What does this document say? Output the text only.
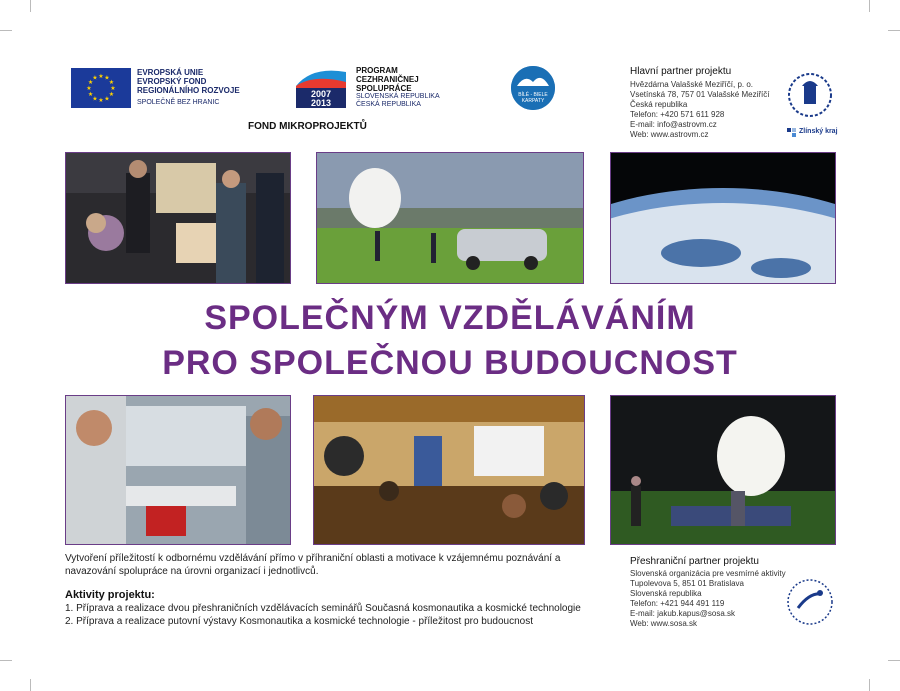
★ ★
★
★
★
★
★
★
★
★
★
★
EVROPSKÁ UNIE
EVROPSKÝ FOND
REGIONÁLNÍHO ROZVOJE
SPOLEČNĚ BEZ HRANIC
2007
2013
PROGRAM
CEZHRANIČNEJ
SPOLUPRÁCE
SLOVENSKÁ REPUBLIKA
ČESKÁ REPUBLIKA
FOND MIKROPROJEKTŮ
BÍLÉ - BIELE
KARPATY
Hlavní partner projektu
Hvězdárna Valašské Meziříčí, p. o.
Vsetínská 78, 757 01 Valašské Meziříčí
Česká republika
Telefon: +420 571 611 928
E-mail: info@astrovm.cz
Web: www.astrovm.cz	Zlínský kraj
SPOLEČNÝM VZDĚLÁVÁNÍM
PRO SPOLEČNOU BUDOUCNOST
Vytvoření příležitostí k odbornému vzdělávání přímo v příhraniční oblasti a motivace k vzájemnému poznávání a navazování spolupráce na úrovni organizací i jednotlivců.
Aktivity projektu:
1. Příprava a realizace dvou přeshraničních vzdělávacích seminářů Současná kosmonautika a kosmické technologie
2. Příprava a realizace putovní výstavy Kosmonautika a kosmické technologie - příležitost pro budoucnost
Přeshraniční partner projektu
Slovenská organizácia pre vesmírné aktivity
Tupolevova 5, 851 01 Bratislava
Slovenská republika
Telefon: +421 944 491 119
E-mail: jakub.kapus@sosa.sk
Web: www.sosa.sk
